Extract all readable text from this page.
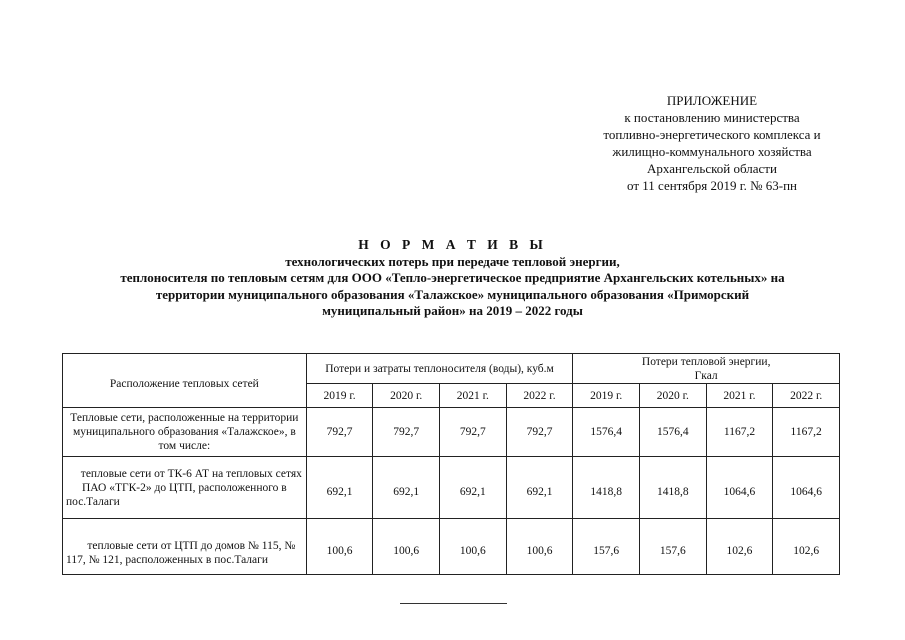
ПРИЛОЖЕНИЕ
к постановлению министерства
топливно-энергетического комплекса и
жилищно-коммунального хозяйства
Архангельской области
от 11 сентября 2019 г. № 63-пн
Н О Р М А Т И В Ы
технологических потерь при передаче тепловой энергии,
теплоносителя по тепловым сетям для ООО «Тепло-энергетическое предприятие Архангельских котельных» на
территории муниципального образования «Талажское» муниципального образования «Приморский
муниципальный район» на 2019 – 2022 годы
Расположение тепловых сетей	Потери и затраты теплоносителя (воды), куб.м				Потери тепловой энергии,
Гкал			

	2019 г.	2020 г.	2021 г.	2022 г.	2019 г.	2020 г.	2021 г.	2022 г.
Тепловые сети, расположенные на территории муниципального образования «Талажское», в том числе:	792,7	792,7	792,7	792,7	1576,4	1576,4	1167,2	1167,2
тепловые сети от ТК-6 АТ на тепловых сетях ПАО «ТГК-2» до ЦТП, расположенного в пос.Талаги	692,1	692,1	692,1	692,1	1418,8	1418,8	1064,6	1064,6
тепловые сети от ЦТП до домов № 115, № 117, № 121, расположенных в пос.Талаги	100,6	100,6	100,6	100,6	157,6	157,6	102,6	102,6
